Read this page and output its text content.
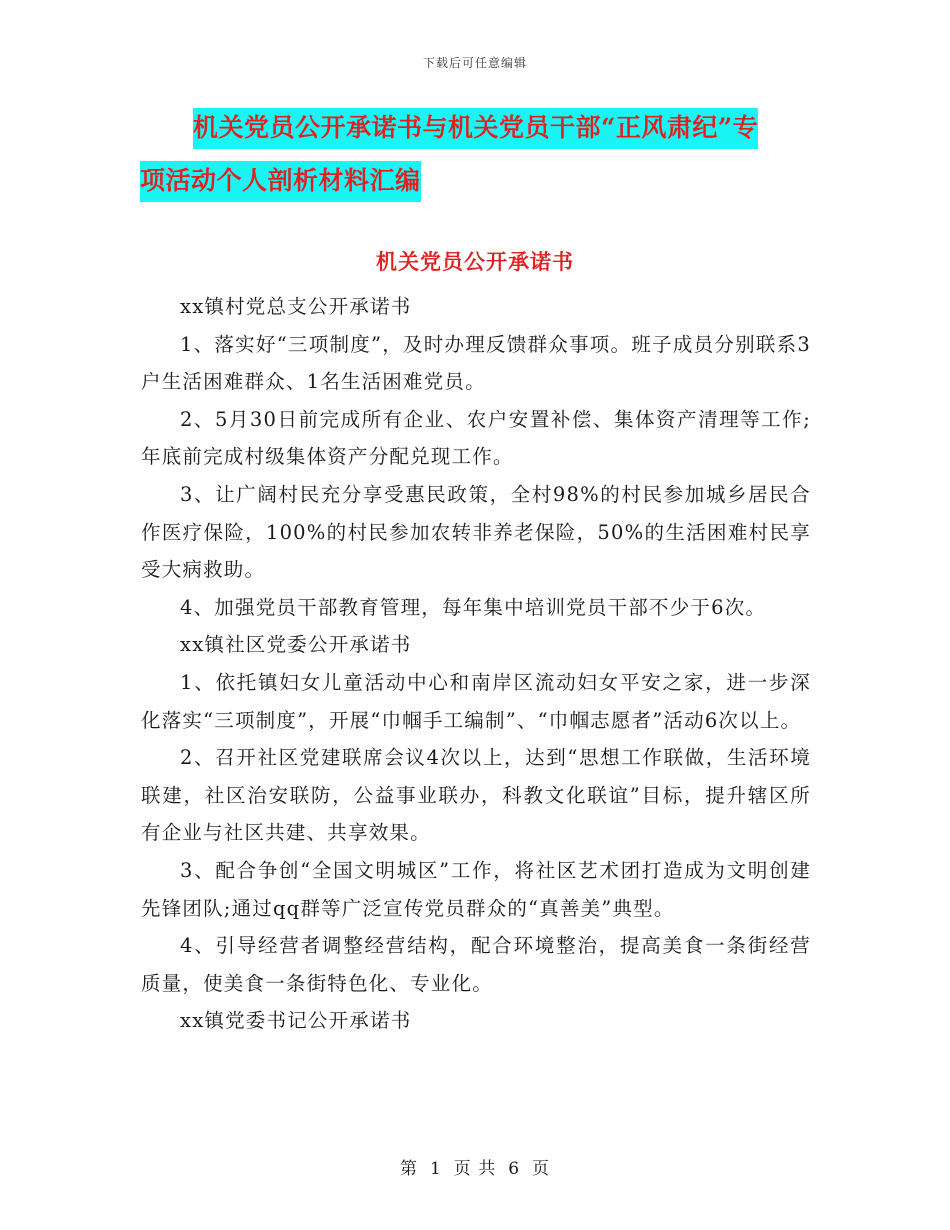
下载后可任意编辑
机关党员公开承诺书与机关党员干部“正风肃纪”专
项活动个人剖析材料汇编
机关党员公开承诺书

xx镇村党总支公开承诺书

1、落实好“三项制度”，及时办理反馈群众事项。班子成员分别联系3户生活困难群众、1名生活困难党员。

2、5月30日前完成所有企业、农户安置补偿、集体资产清理等工作;年底前完成村级集体资产分配兑现工作。

3、让广阔村民充分享受惠民政策，全村98%的村民参加城乡居民合作医疗保险，100%的村民参加农转非养老保险，50%的生活困难村民享受大病救助。

4、加强党员干部教育管理，每年集中培训党员干部不少于6次。

xx镇社区党委公开承诺书

1、依托镇妇女儿童活动中心和南岸区流动妇女平安之家，进一步深化落实“三项制度”，开展“巾帼手工编制”、“巾帼志愿者”活动6次以上。

2、召开社区党建联席会议4次以上，达到“思想工作联做，生活环境联建，社区治安联防，公益事业联办，科教文化联谊”目标，提升辖区所有企业与社区共建、共享效果。

3、配合争创“全国文明城区”工作，将社区艺术团打造成为文明创建先锋团队;通过qq群等广泛宣传党员群众的“真善美”典型。

4、引导经营者调整经营结构，配合环境整治，提高美食一条街经营质量，使美食一条街特色化、专业化。

xx镇党委书记公开承诺书

第 1 页 共 6 页
